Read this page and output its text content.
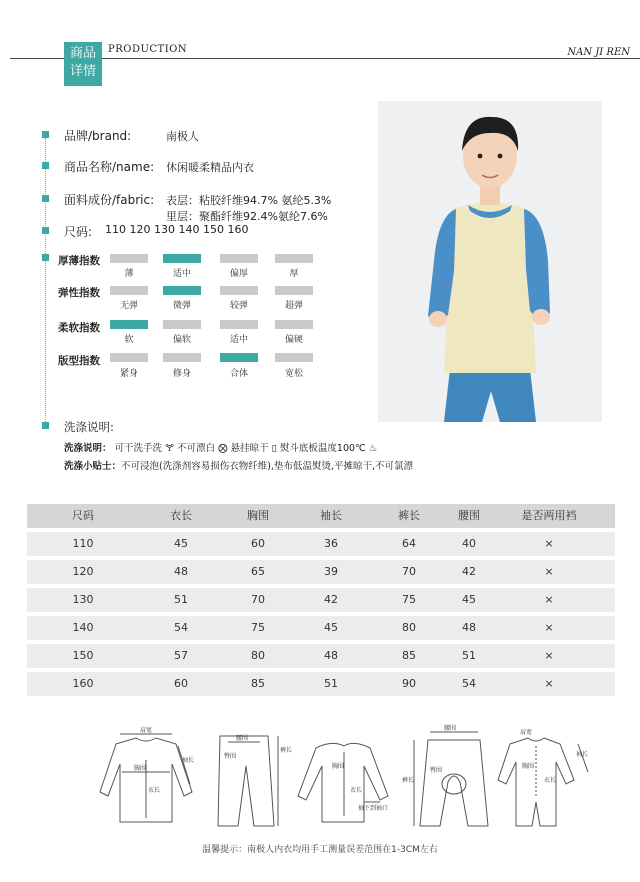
商品
详情
PRODUCTION	NAN JI REN
品牌/brand:	南极人
商品名称/name: 休闲暖柔精品内衣
面料成份/fabric: 表层：粘胶纤维94.7% 氨纶5.3%
里层：聚酯纤维92.4%氨纶7.6%
尺码: 110 120 130 140 150 160
厚薄指数
薄	适中	偏厚	厚
弹性指数
无弹	微弹	较弹	超弹
柔软指数
软	偏软	适中	偏硬
版型指数
紧身	修身	合体	宽松
洗涤说明:
洗涤说明： 可干洗手洗 🝖 不可漂白 ⨂ 悬挂晾干 ▯ 熨斗底板温度100℃ ♨
洗涤小贴士：不可浸泡(洗涤剂容易损伤衣物纤维),垫布低温熨烫,平摊晾干,不可氯漂
尺码	衣长	胸围	袖长	裤长	腰围	是否两用裆
110	45	60	36	64	40	×
120	48	65	39	70	42	×
130	51	70	42	75	45	×
140	54	75	45	80	48	×
150	57	80	48	85	51	×
160	60	85	51	90	54	×
肩宽
袖长
胸围
衣长
腰围
臀围
裤长
胸围
衣长
袖下到袖口
腰围
臀围
裤长
肩宽
胸围
衣长
袖长
温馨提示：南极人内衣均用手工测量误差范围在1-3CM左右
